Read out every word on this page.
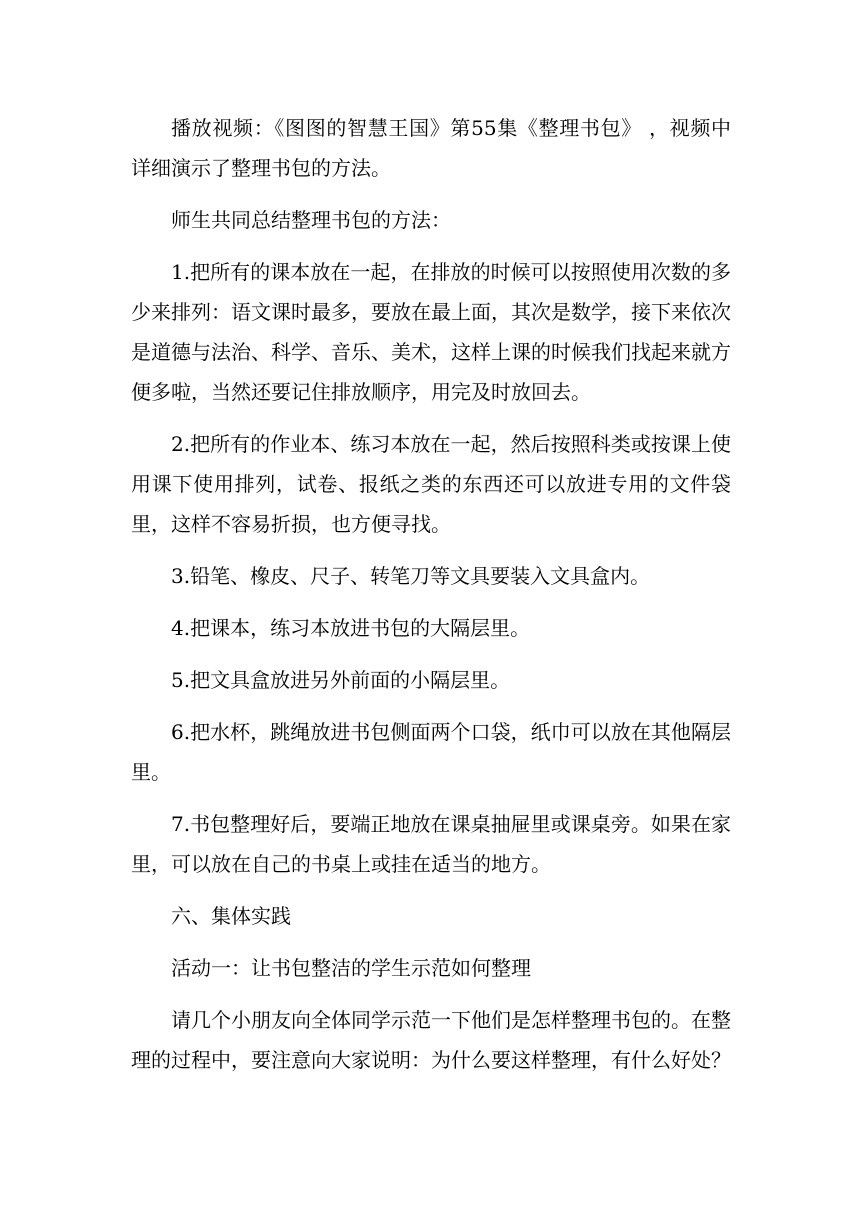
播放视频：《图图的智慧王国》第55集《整理书包》 ，视频中详细演示了整理书包的方法。

师生共同总结整理书包的方法：

1.把所有的课本放在一起，在排放的时候可以按照使用次数的多少来排列：语文课时最多，要放在最上面，其次是数学，接下来依次是道德与法治、科学、音乐、美术，这样上课的时候我们找起来就方便多啦，当然还要记住排放顺序，用完及时放回去。

2.把所有的作业本、练习本放在一起，然后按照科类或按课上使用课下使用排列，试卷、报纸之类的东西还可以放进专用的文件袋里，这样不容易折损，也方便寻找。

3.铅笔、橡皮、尺子、转笔刀等文具要装入文具盒内。

4.把课本，练习本放进书包的大隔层里。

5.把文具盒放进另外前面的小隔层里。

6.把水杯，跳绳放进书包侧面两个口袋，纸巾可以放在其他隔层里。

7.书包整理好后，要端正地放在课桌抽屉里或课桌旁。如果在家里，可以放在自己的书桌上或挂在适当的地方。

六、集体实践

活动一：让书包整洁的学生示范如何整理

请几个小朋友向全体同学示范一下他们是怎样整理书包的。在整理的过程中，要注意向大家说明：为什么要这样整理，有什么好处？
